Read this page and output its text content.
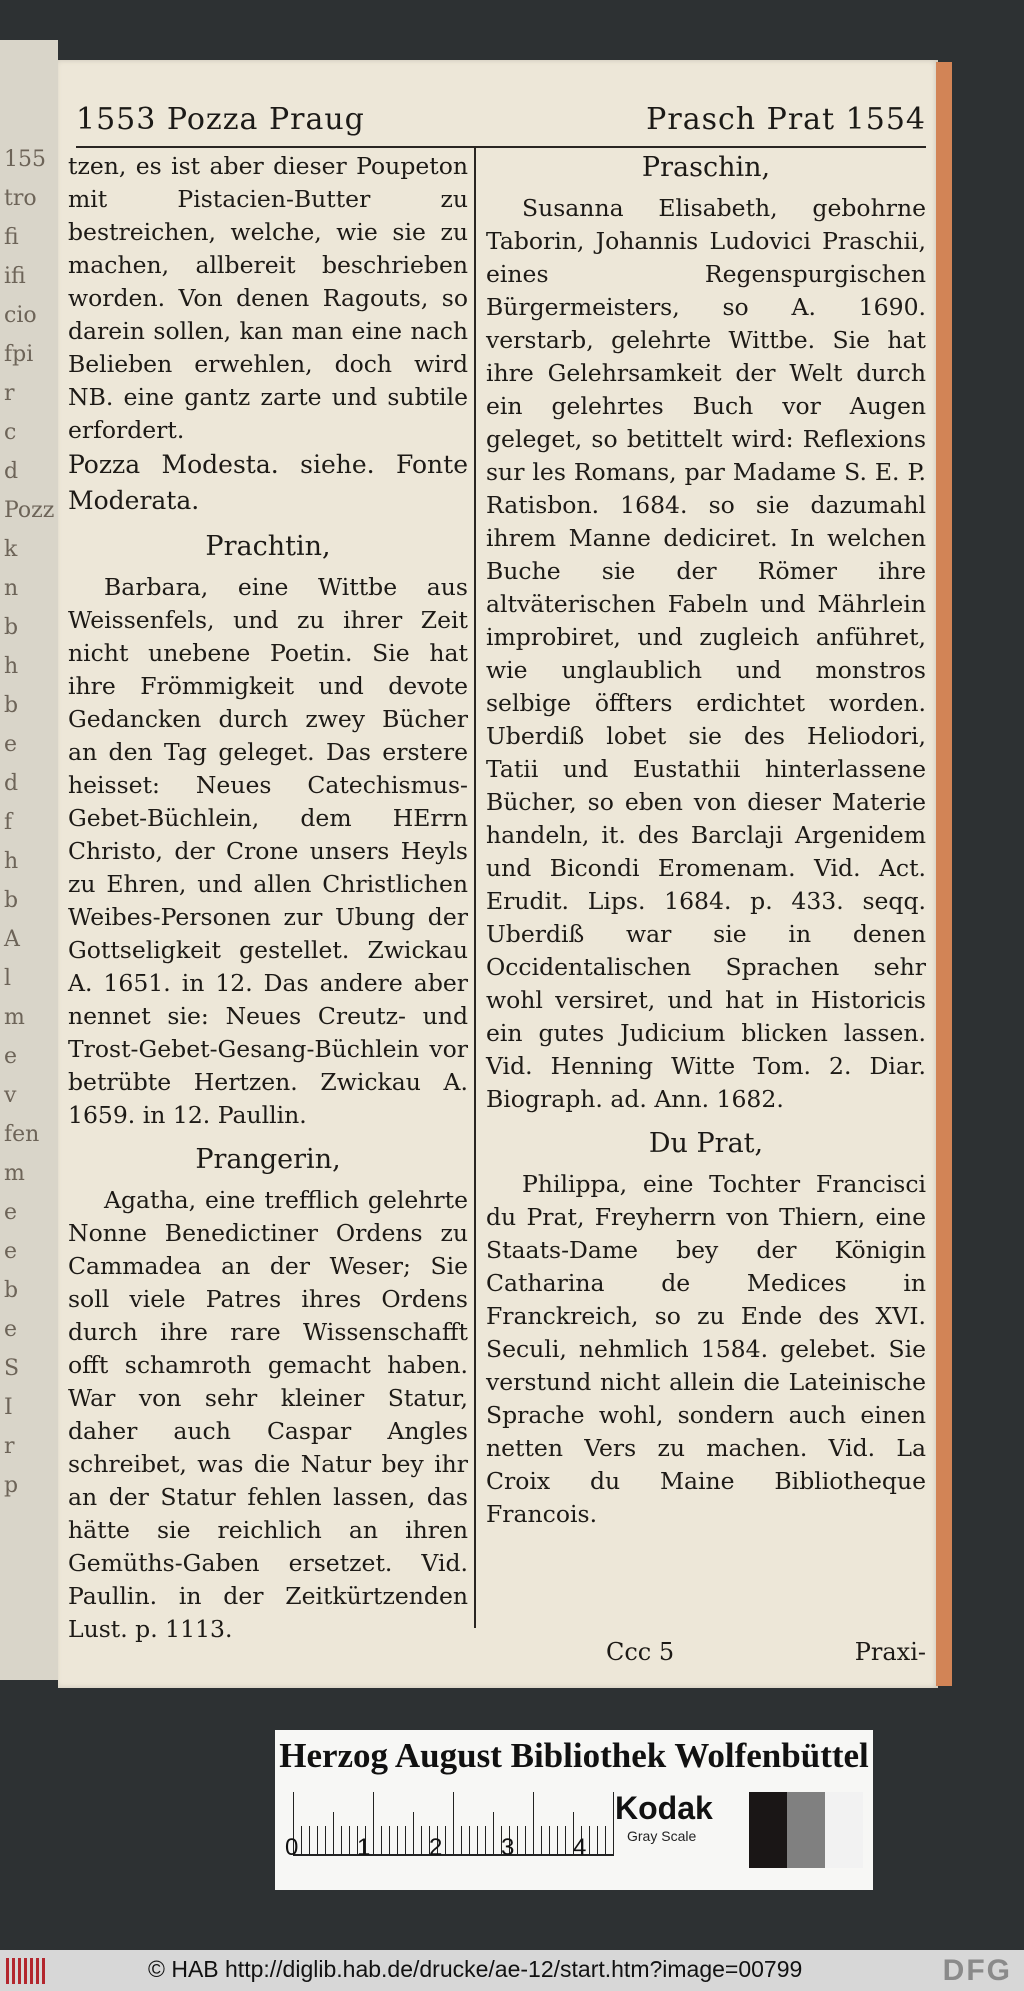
155
tro
fi
ifi
cio
fpi
r
c
d
Pozz
k
n
b
h
b
e
d
f
h
b
A
l
m
e
v
fen
m
e
e
b
e
S
I
r
p
1553 Pozza Praug	Prasch Prat 1554

tzen, es ist aber dieser Poupeton mit Pistacien-Butter zu bestreichen, welche, wie sie zu machen, allbereit beschrieben worden. Von denen Ragouts, so darein sollen, kan man eine nach Belieben erwehlen, doch wird NB. eine gantz zarte und subtile erfordert.

Pozza Modesta. siehe. Fonte Moderata.

Prachtin,

Barbara, eine Wittbe aus Weissenfels, und zu ihrer Zeit nicht unebene Poetin. Sie hat ihre Frömmigkeit und devote Gedancken durch zwey Bücher an den Tag geleget. Das erstere heisset: Neues Catechismus-Gebet-Büchlein, dem HErrn Christo, der Crone unsers Heyls zu Ehren, und allen Christlichen Weibes-Personen zur Ubung der Gottseligkeit gestellet. Zwickau A. 1651. in 12. Das andere aber nennet sie: Neues Creutz- und Trost-Gebet-Gesang-Büchlein vor betrübte Hertzen. Zwickau A. 1659. in 12. Paullin.

Prangerin,

Agatha, eine trefflich gelehrte Nonne Benedictiner Ordens zu Cammadea an der Weser; Sie soll viele Patres ihres Ordens durch ihre rare Wissenschafft offt schamroth gemacht haben. War von sehr kleiner Statur, daher auch Caspar Angles schreibet, was die Natur bey ihr an der Statur fehlen lassen, das hätte sie reichlich an ihren Gemüths-Gaben ersetzet. Vid. Paullin. in der Zeitkürtzenden Lust. p. 1113.

Praschin,

Susanna Elisabeth, gebohrne Taborin, Johannis Ludovici Praschii, eines Regenspurgischen Bürgermeisters, so A. 1690. verstarb, gelehrte Wittbe. Sie hat ihre Gelehrsamkeit der Welt durch ein gelehrtes Buch vor Augen geleget, so betittelt wird: Reflexions sur les Romans, par Madame S. E. P. Ratisbon. 1684. so sie dazumahl ihrem Manne dediciret. In welchen Buche sie der Römer ihre altväterischen Fabeln und Mährlein improbiret, und zugleich anführet, wie unglaublich und monstros selbige öffters erdichtet worden. Uberdiß lobet sie des Heliodori, Tatii und Eustathii hinterlassene Bücher, so eben von dieser Materie handeln, it. des Barclaji Argenidem und Bicondi Eromenam. Vid. Act. Erudit. Lips. 1684. p. 433. seqq. Uberdiß war sie in denen Occidentalischen Sprachen sehr wohl versiret, und hat in Historicis ein gutes Judicium blicken lassen. Vid. Henning Witte Tom. 2. Diar. Biograph. ad. Ann. 1682.

Du Prat,

Philippa, eine Tochter Francisci du Prat, Freyherrn von Thiern, eine Staats-Dame bey der Königin Catharina de Medices in Franckreich, so zu Ende des XVI. Seculi, nehmlich 1584. gelebet. Sie verstund nicht allein die Lateinische Sprache wohl, sondern auch einen netten Vers zu machen. Vid. La Croix du Maine Bibliotheque Francois.

Ccc 5	Praxi-
Herzog August Bibliothek Wolfenbüttel
0 1 2 3 4
Kodak
Gray Scale
© HAB http://diglib.hab.de/drucke/ae-12/start.htm?image=00799	DFG
